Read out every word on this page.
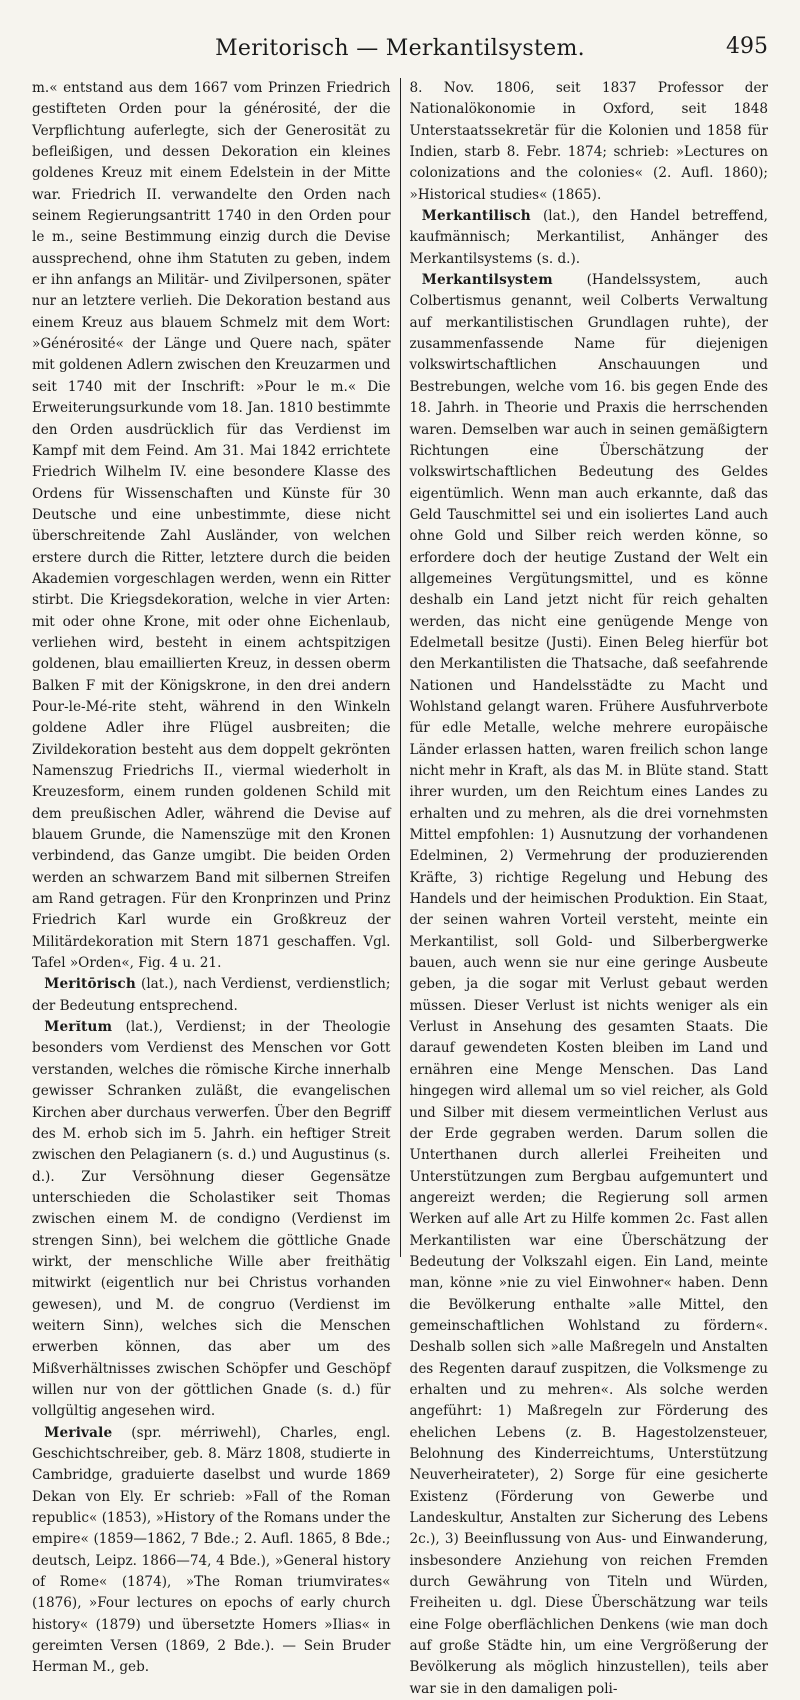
Meritorisch — Merkantilsystem.	495

m.« entstand aus dem 1667 vom Prinzen Friedrich gestifteten Orden pour la générosité, der die Verpflichtung auferlegte, sich der Generosität zu befleißigen, und dessen Dekoration ein kleines goldenes Kreuz mit einem Edelstein in der Mitte war. Friedrich II. verwandelte den Orden nach seinem Regierungsantritt 1740 in den Orden pour le m., seine Bestimmung einzig durch die Devise aussprechend, ohne ihm Statuten zu geben, indem er ihn anfangs an Militär- und Zivilpersonen, später nur an letztere verlieh. Die Dekoration bestand aus einem Kreuz aus blauem Schmelz mit dem Wort: »Générosité« der Länge und Quere nach, später mit goldenen Adlern zwischen den Kreuzarmen und seit 1740 mit der Inschrift: »Pour le m.« Die Erweiterungsurkunde vom 18. Jan. 1810 bestimmte den Orden ausdrücklich für das Verdienst im Kampf mit dem Feind. Am 31. Mai 1842 errichtete Friedrich Wilhelm IV. eine besondere Klasse des Ordens für Wissenschaften und Künste für 30 Deutsche und eine unbestimmte, diese nicht überschreitende Zahl Ausländer, von welchen erstere durch die Ritter, letztere durch die beiden Akademien vorgeschlagen werden, wenn ein Ritter stirbt. Die Kriegsdekoration, welche in vier Arten: mit oder ohne Krone, mit oder ohne Eichenlaub, verliehen wird, besteht in einem achtspitzigen goldenen, blau emaillierten Kreuz, in dessen oberm Balken F mit der Königskrone, in den drei andern Pour-le-Mé-rite steht, während in den Winkeln goldene Adler ihre Flügel ausbreiten; die Zivildekoration besteht aus dem doppelt gekrönten Namenszug Friedrichs II., viermal wiederholt in Kreuzesform, einem runden goldenen Schild mit dem preußischen Adler, während die Devise auf blauem Grunde, die Namenszüge mit den Kronen verbindend, das Ganze umgibt. Die beiden Orden werden an schwarzem Band mit silbernen Streifen am Rand getragen. Für den Kronprinzen und Prinz Friedrich Karl wurde ein Großkreuz der Militärdekoration mit Stern 1871 geschaffen. Vgl. Tafel »Orden«, Fig. 4 u. 21.

Meritōrisch (lat.), nach Verdienst, verdienstlich; der Bedeutung entsprechend.

Merĭtum (lat.), Verdienst; in der Theologie besonders vom Verdienst des Menschen vor Gott verstanden, welches die römische Kirche innerhalb gewisser Schranken zuläßt, die evangelischen Kirchen aber durchaus verwerfen. Über den Begriff des M. erhob sich im 5. Jahrh. ein heftiger Streit zwischen den Pelagianern (s. d.) und Augustinus (s. d.). Zur Versöhnung dieser Gegensätze unterschieden die Scholastiker seit Thomas zwischen einem M. de condigno (Verdienst im strengen Sinn), bei welchem die göttliche Gnade wirkt, der menschliche Wille aber freithätig mitwirkt (eigentlich nur bei Christus vorhanden gewesen), und M. de congruo (Verdienst im weitern Sinn), welches sich die Menschen erwerben können, das aber um des Mißverhältnisses zwischen Schöpfer und Geschöpf willen nur von der göttlichen Gnade (s. d.) für vollgültig angesehen wird.

Merivale (spr. mérriwehl), Charles, engl. Geschichtschreiber, geb. 8. März 1808, studierte in Cambridge, graduierte daselbst und wurde 1869 Dekan von Ely. Er schrieb: »Fall of the Roman republic« (1853), »History of the Romans under the empire« (1859—1862, 7 Bde.; 2. Aufl. 1865, 8 Bde.; deutsch, Leipz. 1866—74, 4 Bde.), »General history of Rome« (1874), »The Roman triumvirates« (1876), »Four lectures on epochs of early church history« (1879) und übersetzte Homers »Ilias« in gereimten Versen (1869, 2 Bde.). — Sein Bruder Herman M., geb.

8. Nov. 1806, seit 1837 Professor der Nationalökonomie in Oxford, seit 1848 Unterstaatssekretär für die Kolonien und 1858 für Indien, starb 8. Febr. 1874; schrieb: »Lectures on colonizations and the colonies« (2. Aufl. 1860); »Historical studies« (1865).

Merkantilisch (lat.), den Handel betreffend, kaufmännisch; Merkantilist, Anhänger des Merkantilsystems (s. d.).

Merkantilsystem (Handelssystem, auch Colbertismus genannt, weil Colberts Verwaltung auf merkantilistischen Grundlagen ruhte), der zusammenfassende Name für diejenigen volkswirtschaftlichen Anschauungen und Bestrebungen, welche vom 16. bis gegen Ende des 18. Jahrh. in Theorie und Praxis die herrschenden waren. Demselben war auch in seinen gemäßigtern Richtungen eine Überschätzung der volkswirtschaftlichen Bedeutung des Geldes eigentümlich. Wenn man auch erkannte, daß das Geld Tauschmittel sei und ein isoliertes Land auch ohne Gold und Silber reich werden könne, so erfordere doch der heutige Zustand der Welt ein allgemeines Vergütungsmittel, und es könne deshalb ein Land jetzt nicht für reich gehalten werden, das nicht eine genügende Menge von Edelmetall besitze (Justi). Einen Beleg hierfür bot den Merkantilisten die Thatsache, daß seefahrende Nationen und Handelsstädte zu Macht und Wohlstand gelangt waren. Frühere Ausfuhrverbote für edle Metalle, welche mehrere europäische Länder erlassen hatten, waren freilich schon lange nicht mehr in Kraft, als das M. in Blüte stand. Statt ihrer wurden, um den Reichtum eines Landes zu erhalten und zu mehren, als die drei vornehmsten Mittel empfohlen: 1) Ausnutzung der vorhandenen Edelminen, 2) Vermehrung der produzierenden Kräfte, 3) richtige Regelung und Hebung des Handels und der heimischen Produktion. Ein Staat, der seinen wahren Vorteil versteht, meinte ein Merkantilist, soll Gold- und Silberbergwerke bauen, auch wenn sie nur eine geringe Ausbeute geben, ja die sogar mit Verlust gebaut werden müssen. Dieser Verlust ist nichts weniger als ein Verlust in Ansehung des gesamten Staats. Die darauf gewendeten Kosten bleiben im Land und ernähren eine Menge Menschen. Das Land hingegen wird allemal um so viel reicher, als Gold und Silber mit diesem vermeintlichen Verlust aus der Erde gegraben werden. Darum sollen die Unterthanen durch allerlei Freiheiten und Unterstützungen zum Bergbau aufgemuntert und angereizt werden; die Regierung soll armen Werken auf alle Art zu Hilfe kommen 2c. Fast allen Merkantilisten war eine Überschätzung der Bedeutung der Volkszahl eigen. Ein Land, meinte man, könne »nie zu viel Einwohner« haben. Denn die Bevölkerung enthalte »alle Mittel, den gemeinschaftlichen Wohlstand zu fördern«. Deshalb sollen sich »alle Maßregeln und Anstalten des Regenten darauf zuspitzen, die Volksmenge zu erhalten und zu mehren«. Als solche werden angeführt: 1) Maßregeln zur Förderung des ehelichen Lebens (z. B. Hagestolzensteuer, Belohnung des Kinderreichtums, Unterstützung Neuverheirateter), 2) Sorge für eine gesicherte Existenz (Förderung von Gewerbe und Landeskultur, Anstalten zur Sicherung des Lebens 2c.), 3) Beeinflussung von Aus- und Einwanderung, insbesondere Anziehung von reichen Fremden durch Gewährung von Titeln und Würden, Freiheiten u. dgl. Diese Überschätzung war teils eine Folge oberflächlichen Denkens (wie man doch auf große Städte hin, um eine Vergrößerung der Bevölkerung als möglich hinzustellen), teils aber war sie in den damaligen poli-
